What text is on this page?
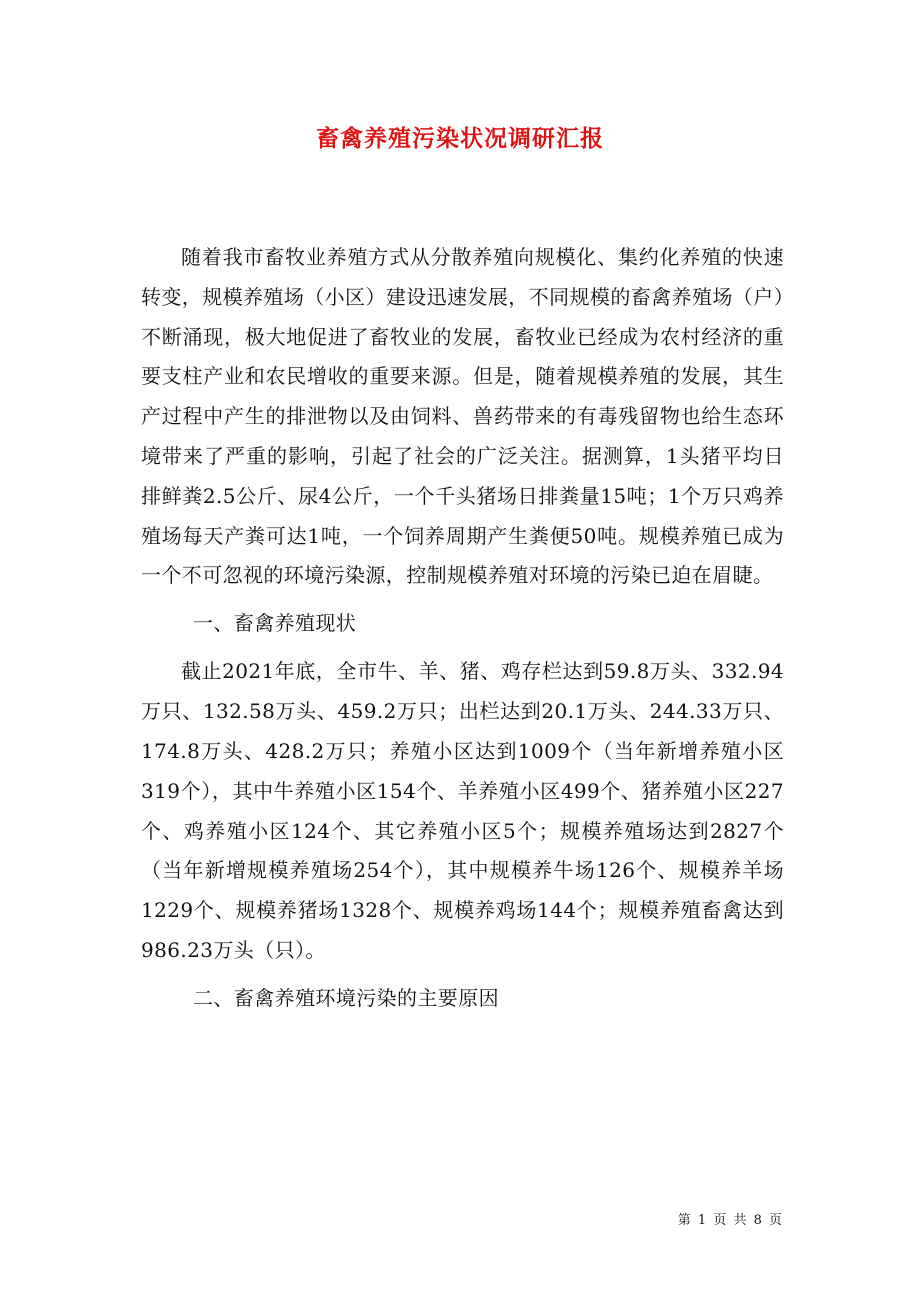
畜禽养殖污染状况调研汇报

随着我市畜牧业养殖方式从分散养殖向规模化、集约化养殖的快速转变，规模养殖场（小区）建设迅速发展，不同规模的畜禽养殖场（户）不断涌现，极大地促进了畜牧业的发展，畜牧业已经成为农村经济的重要支柱产业和农民增收的重要来源。但是，随着规模养殖的发展，其生产过程中产生的排泄物以及由饲料、兽药带来的有毒残留物也给生态环境带来了严重的影响，引起了社会的广泛关注。据测算，1头猪平均日排鲜粪2.5公斤、尿4公斤，一个千头猪场日排粪量15吨；1个万只鸡养殖场每天产粪可达1吨，一个饲养周期产生粪便50吨。规模养殖已成为一个不可忽视的环境污染源，控制规模养殖对环境的污染已迫在眉睫。

一、畜禽养殖现状

截止2021年底，全市牛、羊、猪、鸡存栏达到59.8万头、332.94万只、132.58万头、459.2万只；出栏达到20.1万头、244.33万只、174.8万头、428.2万只；养殖小区达到1009个（当年新增养殖小区319个），其中牛养殖小区154个、羊养殖小区499个、猪养殖小区227个、鸡养殖小区124个、其它养殖小区5个；规模养殖场达到2827个（当年新增规模养殖场254个），其中规模养牛场126个、规模养羊场1229个、规模养猪场1328个、规模养鸡场144个；规模养殖畜禽达到986.23万头（只）。

二、畜禽养殖环境污染的主要原因

第 1 页 共 8 页
